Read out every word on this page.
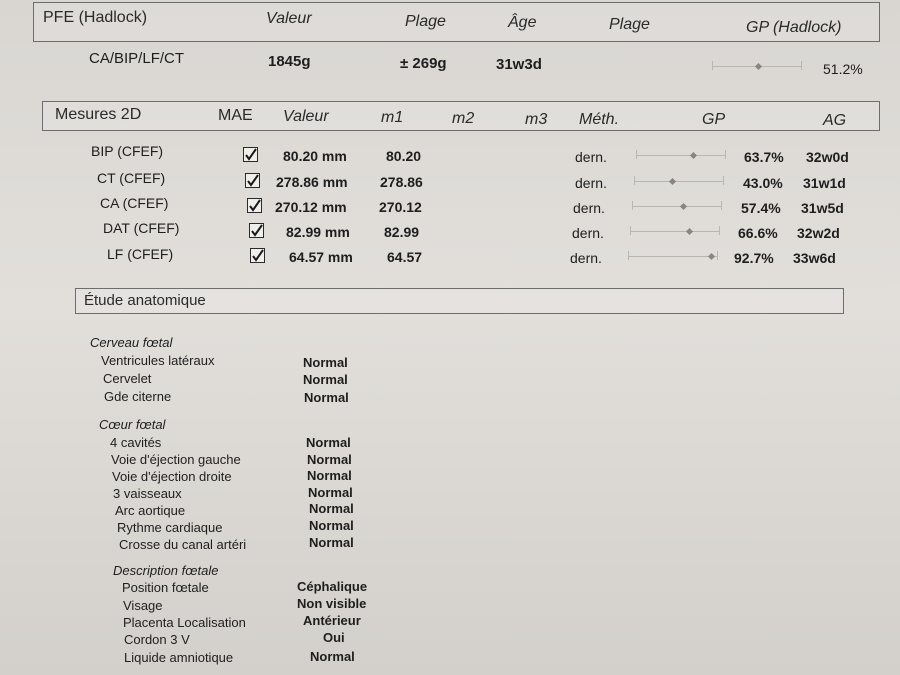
PFE (Hadlock)	Valeur	Plage	Âge	Plage	GP (Hadlock)
CA/BIP/LF/CT	1845g	± 269g	31w3d	51.2%
Mesures 2D	MAE Valeur	m1	m2	m3 Méth.	GP	AG
BIP (CFEF)	80.20 mm	80.20	dern.	63.7% 32w0d
CT (CFEF)	278.86 mm 278.86	dern.	43.0% 31w1d
CA (CFEF)	270.12 mm 270.12	dern.	57.4% 31w5d
DAT (CFEF)	82.99 mm 82.99	dern.	66.6% 32w2d
LF (CFEF)	64.57 mm 64.57	dern.	92.7% 33w6d
Étude anatomique
Cerveau fœtal
Ventricules latéraux	Normal
Cervelet	Normal
Gde citerne	Normal
Cœur fœtal
4 cavités	Normal
Voie d'éjection gauche	Normal
Voie d'éjection droite	Normal
3 vaisseaux	Normal
Arc aortique	Normal
Rythme cardiaque	Normal
Crosse du canal artéri	Normal
Description fœtale
Position fœtale	Céphalique
Visage	Non visible
Placenta Localisation	Antérieur
Cordon 3 V	Oui
Liquide amniotique	Normal
